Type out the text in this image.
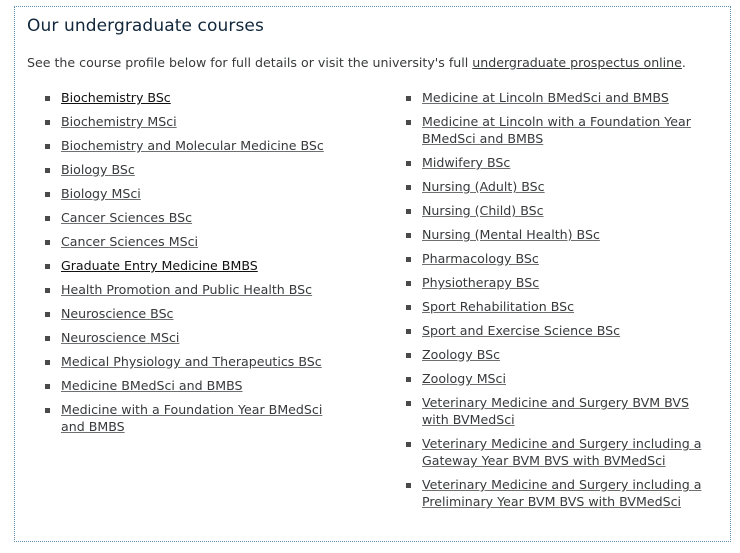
Our undergraduate courses

See the course profile below for full details or visit the university's full undergraduate prospectus online.

Biochemistry BSc
Biochemistry MSci
Biochemistry and Molecular Medicine BSc
Biology BSc
Biology MSci
Cancer Sciences BSc
Cancer Sciences MSci
Graduate Entry Medicine BMBS
Health Promotion and Public Health BSc
Neuroscience BSc
Neuroscience MSci
Medical Physiology and Therapeutics BSc
Medicine BMedSci and BMBS
Medicine with a Foundation Year BMedSci and BMBS
Medicine at Lincoln BMedSci and BMBS
Medicine at Lincoln with a Foundation Year BMedSci and BMBS
Midwifery BSc
Nursing (Adult) BSc
Nursing (Child) BSc
Nursing (Mental Health) BSc
Pharmacology BSc
Physiotherapy BSc
Sport Rehabilitation BSc
Sport and Exercise Science BSc
Zoology BSc
Zoology MSci
Veterinary Medicine and Surgery BVM BVS with BVMedSci
Veterinary Medicine and Surgery including a Gateway Year BVM BVS with BVMedSci
Veterinary Medicine and Surgery including a Preliminary Year BVM BVS with BVMedSci
